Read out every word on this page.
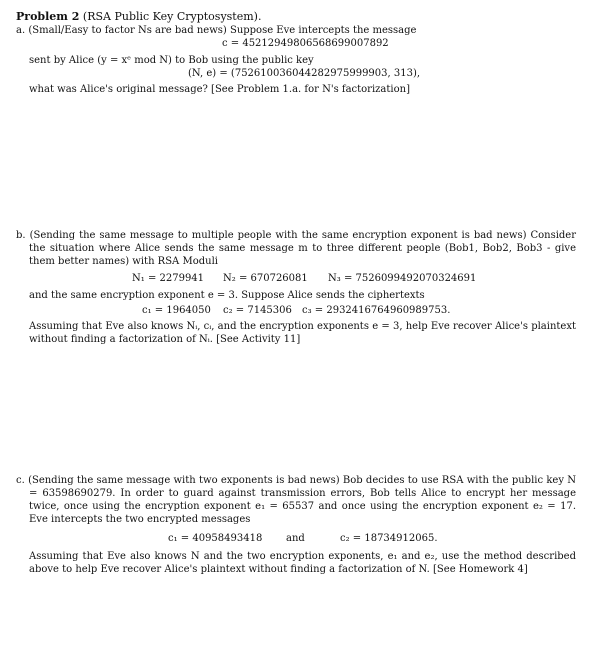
Problem 2 (RSA Public Key Cryptosystem).

a. (Small/Easy to factor Ns are bad news) Suppose Eve intercepts the message

c = 45212949806568699007892

sent by Alice (y = xᵉ mod N) to Bob using the public key

(N, e) = (75261003604428297599990​3, 313),

what was Alice's original message? [See Problem 1.a. for N's factorization]

b. (Sending the same message to multiple people with the same encryption exponent is bad news) Consider the situation where Alice sends the same message m to three different people (Bob1, Bob2, Bob3 - give them better names) with RSA Moduli

N₁ = 2279941 N₂ = 670726081 N₃ = 7526099492070324691

and the same encryption exponent e = 3. Suppose Alice sends the ciphertexts

c₁ = 1964050 c₂ = 7145306 c₃ = 2932416764960989753.

Assuming that Eve also knows Nᵢ, cᵢ, and the encryption exponents e = 3, help Eve recover Alice's plaintext without finding a factorization of Nᵢ. [See Activity 11]

c. (Sending the same message with two exponents is bad news) Bob decides to use RSA with the public key N = 63598690279. In order to guard against transmission errors, Bob tells Alice to encrypt her message twice, once using the encryption exponent e₁ = 65537 and once using the encryption exponent e₂ = 17. Eve intercepts the two encrypted messages

c₁ = 40958493418 and	c₂ = 18734912065.

Assuming that Eve also knows N and the two encryption exponents, e₁ and e₂, use the method described above to help Eve recover Alice's plaintext without finding a factorization of N. [See Homework 4]
